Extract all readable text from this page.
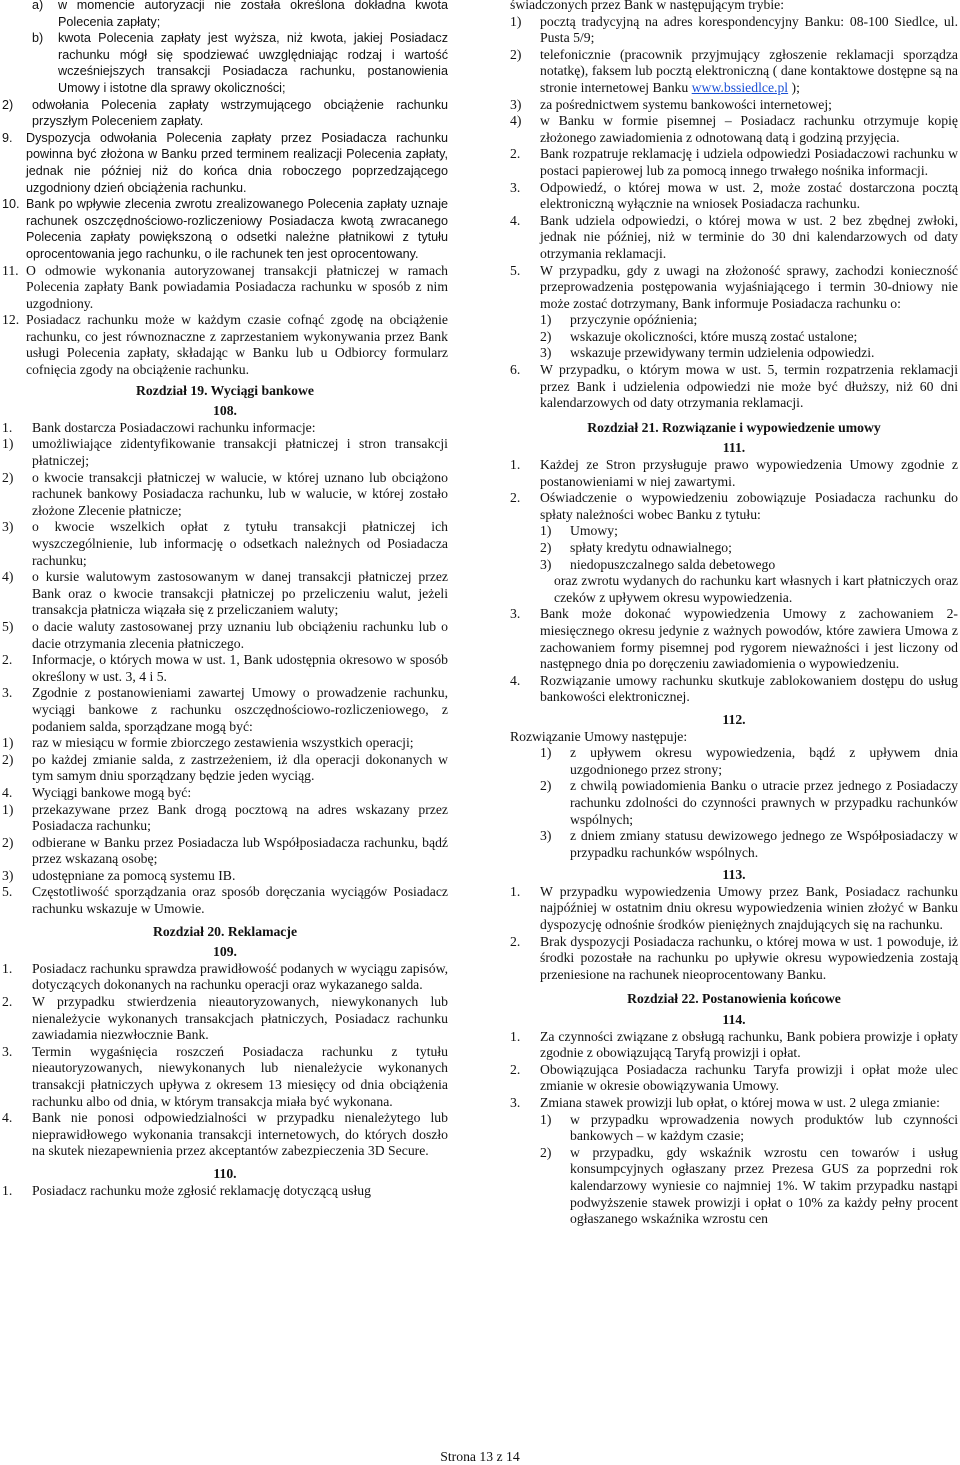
a)	w momencie autoryzacji nie została określona dokładna kwota Polecenia zapłaty;

b)	kwota Polecenia zapłaty jest wyższa, niż kwota, jakiej Posiadacz rachunku mógł się spodziewać uwzględniając rodzaj i wartość wcześniejszych transakcji Posiadacza rachunku, postanowienia Umowy i istotne dla sprawy okoliczności;

2)	odwołania Polecenia zapłaty wstrzymującego obciążenie rachunku przyszłym Poleceniem zapłaty.

9.	Dyspozycja odwołania Polecenia zapłaty przez Posiadacza rachunku powinna być złożona w Banku przed terminem realizacji Polecenia zapłaty, jednak nie później niż do końca dnia roboczego poprzedzającego uzgodniony dzień obciążenia rachunku.

10. Bank po wpływie zlecenia zwrotu zrealizowanego Polecenia zapłaty uznaje rachunek oszczędnościowo-rozliczeniowy Posiadacza kwotą zwracanego Polecenia zapłaty powiększoną o odsetki należne płatnikowi z tytułu oprocentowania jego rachunku, o ile rachunek ten jest oprocentowany.

11. O odmowie wykonania autoryzowanej transakcji płatniczej w ramach Polecenia zapłaty Bank powiadamia Posiadacza rachunku w sposób z nim uzgodniony.

12. Posiadacz rachunku może w każdym czasie cofnąć zgodę na obciążenie rachunku, co jest równoznaczne z zaprzestaniem wykonywania przez Bank usługi Polecenia zapłaty, składając w Banku lub u Odbiorcy formularz cofnięcia zgody na obciążenie rachunku.

Rozdział 19. Wyciągi bankowe

108.

1.	Bank dostarcza Posiadaczowi rachunku informacje:

1)	umożliwiające zidentyfikowanie transakcji płatniczej i stron transakcji płatniczej;

2)	o kwocie transakcji płatniczej w walucie, w której uznano lub obciążono rachunek bankowy Posiadacza rachunku, lub w walucie, w której zostało złożone Zlecenie płatnicze;

3)	o kwocie wszelkich opłat z tytułu transakcji płatniczej ich wyszczególnienie, lub informację o odsetkach należnych od Posiadacza rachunku;

4)	o kursie walutowym zastosowanym w danej transakcji płatniczej przez Bank oraz o kwocie transakcji płatniczej po przeliczeniu walut, jeżeli transakcja płatnicza wiązała się z przeliczaniem waluty;

5)	o dacie waluty zastosowanej przy uznaniu lub obciążeniu rachunku lub o dacie otrzymania zlecenia płatniczego.

2.	Informacje, o których mowa w ust. 1, Bank udostępnia okresowo w sposób określony w ust. 3, 4 i 5.

3.	Zgodnie z postanowieniami zawartej Umowy o prowadzenie rachunku, wyciągi bankowe z rachunku oszczędnościowo-rozliczeniowego, z podaniem salda, sporządzane mogą być:

1)	raz w miesiącu w formie zbiorczego zestawienia wszystkich operacji;

2)	po każdej zmianie salda, z zastrzeżeniem, iż dla operacji dokonanych w tym samym dniu sporządzany będzie jeden wyciąg.

4.	Wyciągi bankowe mogą być:

1)	przekazywane przez Bank drogą pocztową na adres wskazany przez Posiadacza rachunku;

2)	odbierane w Banku przez Posiadacza lub Współposiadacza rachunku, bądź przez wskazaną osobę;

3)	udostępniane za pomocą systemu IB.

5.	Częstotliwość sporządzania oraz sposób doręczania wyciągów Posiadacz rachunku wskazuje w Umowie.

Rozdział 20. Reklamacje

109.

1.	Posiadacz rachunku sprawdza prawidłowość podanych w wyciągu zapisów, dotyczących dokonanych na rachunku operacji oraz wykazanego salda.

2.	W przypadku stwierdzenia nieautoryzowanych, niewykonanych lub nienależycie wykonanych transakcjach płatniczych, Posiadacz rachunku zawiadamia niezwłocznie Bank.

3.	Termin wygaśnięcia roszczeń Posiadacza rachunku z tytułu nieautoryzowanych, niewykonanych lub nienależycie wykonanych transakcji płatniczych upływa z okresem 13 miesięcy od dnia obciążenia rachunku albo od dnia, w którym transakcja miała być wykonana.

4.	Bank nie ponosi odpowiedzialności w przypadku nienależytego lub nieprawidłowego wykonania transakcji internetowych, do których doszło na skutek niezapewnienia przez akceptantów zabezpieczenia 3D Secure.

110.

1.	Posiadacz rachunku może zgłosić reklamację dotyczącą usług

świadczonych przez Bank w następującym trybie:

1)	pocztą tradycyjną na adres korespondencyjny Banku: 08-100 Siedlce, ul. Pusta 5/9;

2)	telefonicznie (pracownik przyjmujący zgłoszenie reklamacji sporządza notatkę), faksem lub pocztą elektroniczną ( dane kontaktowe dostępne są na stronie internetowej Banku www.bssiedlce.pl );

3)	za pośrednictwem systemu bankowości internetowej;

4)	w Banku w formie pisemnej – Posiadacz rachunku otrzymuje kopię złożonego zawiadomienia z odnotowaną datą i godziną przyjęcia.

2.	Bank rozpatruje reklamację i udziela odpowiedzi Posiadaczowi rachunku w postaci papierowej lub za pomocą innego trwałego nośnika informacji.

3.	Odpowiedź, o której mowa w ust. 2, może zostać dostarczona pocztą elektroniczną wyłącznie na wniosek Posiadacza rachunku.

4.	Bank udziela odpowiedzi, o której mowa w ust. 2 bez zbędnej zwłoki, jednak nie później, niż w terminie do 30 dni kalendarzowych od daty otrzymania reklamacji.

5.	W przypadku, gdy z uwagi na złożoność sprawy, zachodzi konieczność przeprowadzenia postępowania wyjaśniającego i termin 30-dniowy nie może zostać dotrzymany, Bank informuje Posiadacza rachunku o:

1)	przyczynie opóźnienia;

2)	wskazuje okoliczności, które muszą zostać ustalone;

3)	wskazuje przewidywany termin udzielenia odpowiedzi.

6.	W przypadku, o którym mowa w ust. 5, termin rozpatrzenia reklamacji przez Bank i udzielenia odpowiedzi nie może być dłuższy, niż 60 dni kalendarzowych od daty otrzymania reklamacji.

Rozdział 21. Rozwiązanie i wypowiedzenie umowy

111.

1.	Każdej ze Stron przysługuje prawo wypowiedzenia Umowy zgodnie z postanowieniami w niej zawartymi.

2.	Oświadczenie o wypowiedzeniu zobowiązuje Posiadacza rachunku do spłaty należności wobec Banku z tytułu:

1)	Umowy;

2)	spłaty kredytu odnawialnego;

3)	niedopuszczalnego salda debetowego

oraz zwrotu wydanych do rachunku kart własnych i kart płatniczych oraz czeków z upływem okresu wypowiedzenia.

3.	Bank może dokonać wypowiedzenia Umowy z zachowaniem 2-miesięcznego okresu jedynie z ważnych powodów, które zawiera Umowa z zachowaniem formy pisemnej pod rygorem nieważności i jest liczony od następnego dnia po doręczeniu zawiadomienia o wypowiedzeniu.

4.	Rozwiązanie umowy rachunku skutkuje zablokowaniem dostępu do usług bankowości elektronicznej.

112.

Rozwiązanie Umowy następuje:

1)	z upływem okresu wypowiedzenia, bądź z upływem dnia uzgodnionego przez strony;

2)	z chwilą powiadomienia Banku o utracie przez jednego z Posiadaczy rachunku zdolności do czynności prawnych w przypadku rachunków wspólnych;

3)	z dniem zmiany statusu dewizowego jednego ze Współposiadaczy w przypadku rachunków wspólnych.

113.

1.	W przypadku wypowiedzenia Umowy przez Bank, Posiadacz rachunku najpóźniej w ostatnim dniu okresu wypowiedzenia winien złożyć w Banku dyspozycję odnośnie środków pieniężnych znajdujących się na rachunku.

2.	Brak dyspozycji Posiadacza rachunku, o której mowa w ust. 1 powoduje, iż środki pozostałe na rachunku po upływie okresu wypowiedzenia zostają przeniesione na rachunek nieoprocentowany Banku.

Rozdział 22. Postanowienia końcowe

114.

1.	Za czynności związane z obsługą rachunku, Bank pobiera prowizje i opłaty zgodnie z obowiązującą Taryfą prowizji i opłat.

2.	Obowiązująca Posiadacza rachunku Taryfa prowizji i opłat może ulec zmianie w okresie obowiązywania Umowy.

3.	Zmiana stawek prowizji lub opłat, o której mowa w ust. 2 ulega zmianie:

1)	w przypadku wprowadzenia nowych produktów lub czynności bankowych – w każdym czasie;

2)	w przypadku, gdy wskaźnik wzrostu cen towarów i usług konsumpcyjnych ogłaszany przez Prezesa GUS za poprzedni rok kalendarzowy wyniesie co najmniej 1%. W takim przypadku nastąpi podwyższenie stawek prowizji i opłat o 10% za każdy pełny procent ogłaszanego wskaźnika wzrostu cen

Strona 13 z 14
